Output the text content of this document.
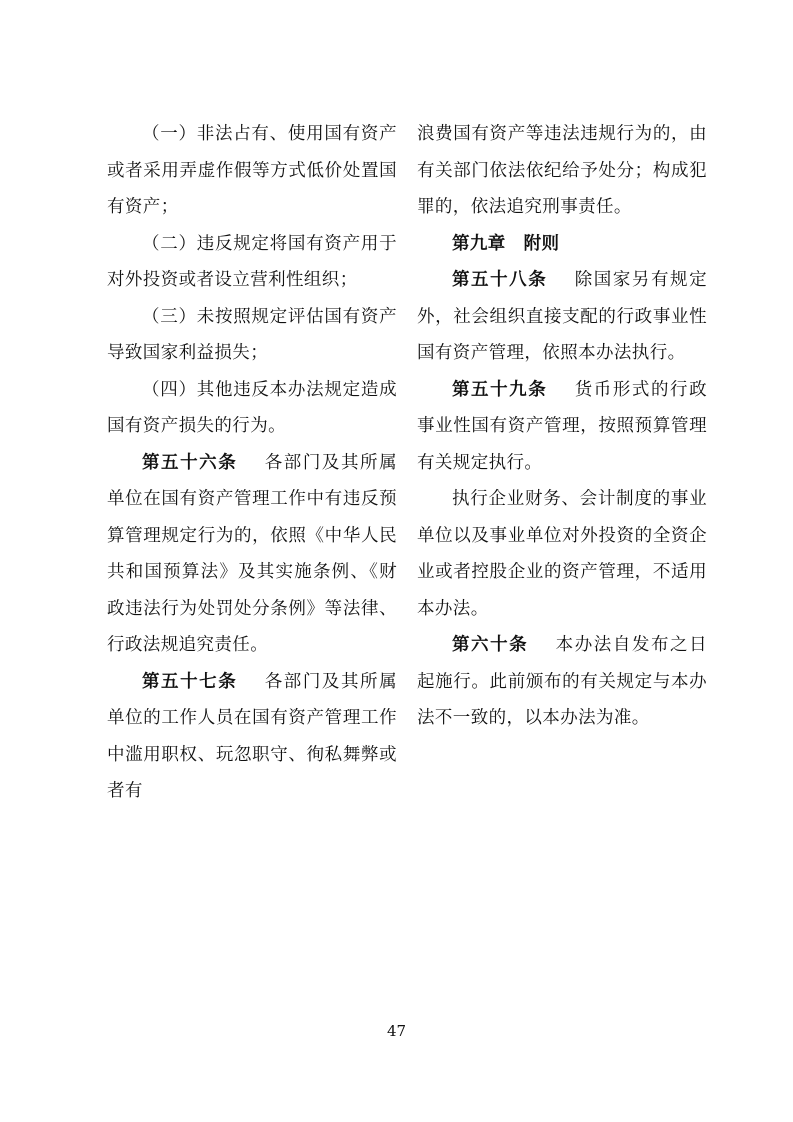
（一）非法占有、使用国有资产或者采用弄虚作假等方式低价处置国有资产；

（二）违反规定将国有资产用于对外投资或者设立营利性组织；

（三）未按照规定评估国有资产导致国家利益损失；

（四）其他违反本办法规定造成国有资产损失的行为。

第五十六条 各部门及其所属单位在国有资产管理工作中有违反预算管理规定行为的，依照《中华人民共和国预算法》及其实施条例、《财政违法行为处罚处分条例》等法律、行政法规追究责任。

第五十七条 各部门及其所属单位的工作人员在国有资产管理工作中滥用职权、玩忽职守、徇私舞弊或者有

浪费国有资产等违法违规行为的，由有关部门依法依纪给予处分；构成犯罪的，依法追究刑事责任。

第九章　附则

第五十八条 除国家另有规定外，社会组织直接支配的行政事业性国有资产管理，依照本办法执行。

第五十九条 货币形式的行政事业性国有资产管理，按照预算管理有关规定执行。

执行企业财务、会计制度的事业单位以及事业单位对外投资的全资企业或者控股企业的资产管理，不适用本办法。

第六十条 本办法自发布之日起施行。此前颁布的有关规定与本办法不一致的，以本办法为准。

47
